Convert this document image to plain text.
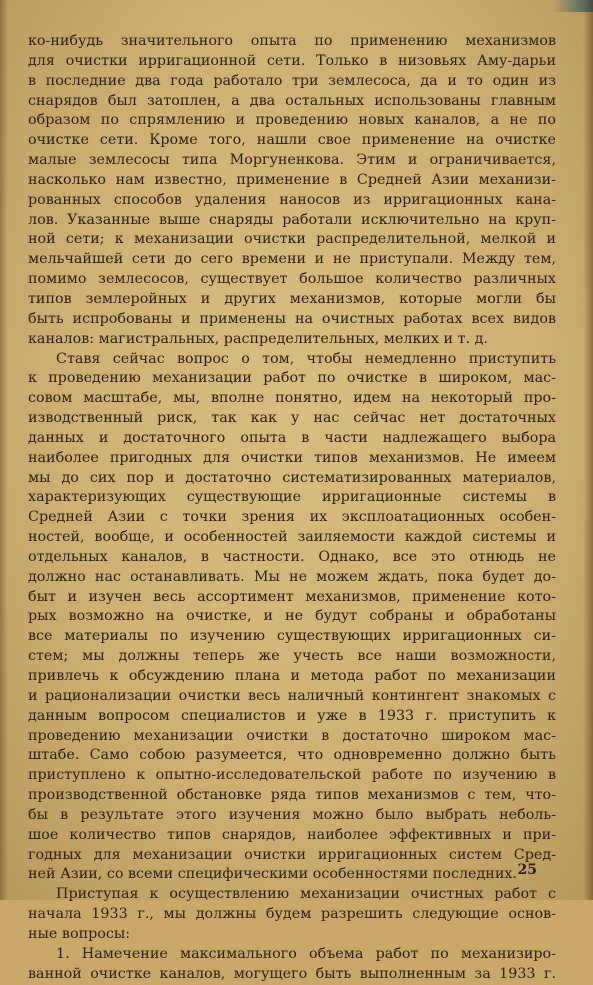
ко-нибудь значительного опыта по применению механизмов
для очистки ирригационной сети. Только в низовьях Аму-дарьи
в последние два года работало три землесоса, да и то один из
снарядов был затоплен, а два остальных использованы главным
образом по спрямлению и проведению новых каналов, а не по
очистке сети. Кроме того, нашли свое применение на очистке
малые землесосы типа Моргуненкова. Этим и ограничивается,
насколько нам известно, применение в Средней Азии механизи-
рованных способов удаления наносов из ирригационных кана-
лов. Указанные выше снаряды работали исключительно на круп-
ной сети; к механизации очистки распределительной, мелкой и
мельчайшей сети до сего времени и не приступали. Между тем,
помимо землесосов, существует большое количество различных
типов землеройных и других механизмов, которые могли бы
быть испробованы и применены на очистных работах всех видов
каналов: магистральных, распределительных, мелких и т. д.
Ставя сейчас вопрос о том, чтобы немедленно приступить
к проведению механизации работ по очистке в широком, мас-
совом масштабе, мы, вполне понятно, идем на некоторый про-
изводственный риск, так как у нас сейчас нет достаточных
данных и достаточного опыта в части надлежащего выбора
наиболее пригодных для очистки типов механизмов. Не имеем
мы до сих пор и достаточно систематизированных материалов,
характеризующих существующие ирригационные системы в
Средней Азии с точки зрения их эксплоатационных особен-
ностей, вообще, и особенностей заиляемости каждой системы и
отдельных каналов, в частности. Однако, все это отнюдь не
должно нас останавливать. Мы не можем ждать, пока будет до-
быт и изучен весь ассортимент механизмов, применение кото-
рых возможно на очистке, и не будут собраны и обработаны
все материалы по изучению существующих ирригационных си-
стем; мы должны теперь же учесть все наши возможности,
привлечь к обсуждению плана и метода работ по механизации
и рационализации очистки весь наличный контингент знакомых с
данным вопросом специалистов и уже в 1933 г. приступить к
проведению механизации очистки в достаточно широком мас-
штабе. Само собою разумеется, что одновременно должно быть
приступлено к опытно-исследовательской работе по изучению в
производственной обстановке ряда типов механизмов с тем, что-
бы в результате этого изучения можно было выбрать неболь-
шое количество типов снарядов, наиболее эффективных и при-
годных для механизации очистки ирригационных систем Сред-
ней Азии, со всеми специфическими особенностями последних.
Приступая к осуществлению механизации очистных работ с
начала 1933 г., мы должны будем разрешить следующие основ-
ные вопросы:
1. Намечение максимального объема работ по механизиро-
ванной очистке каналов, могущего быть выполненным за 1933 г.
25
